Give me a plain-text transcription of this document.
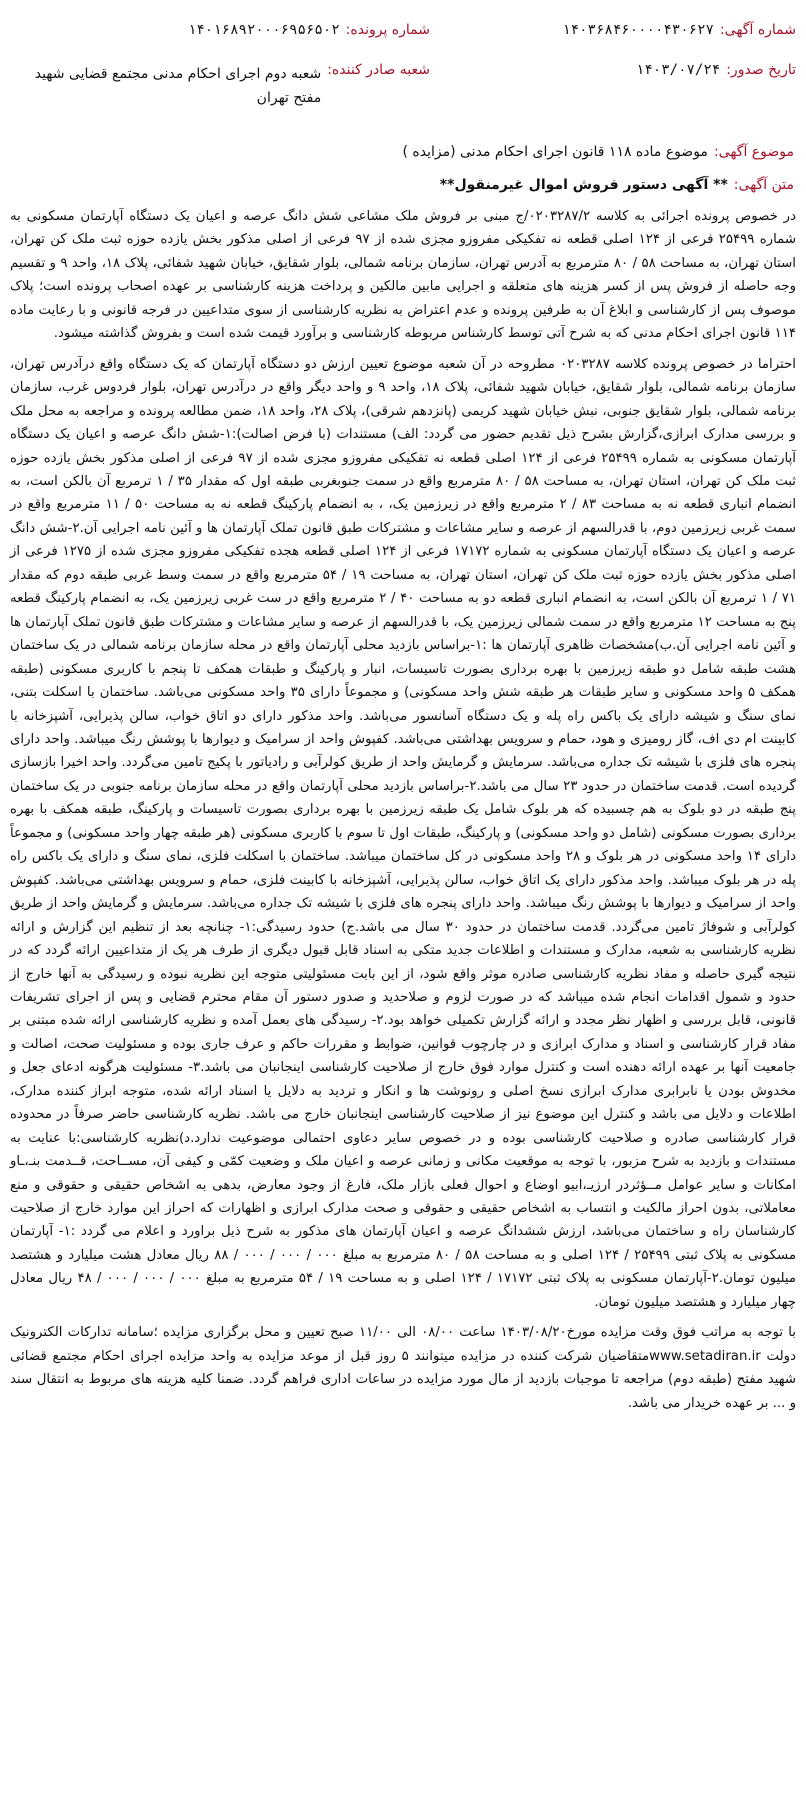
شماره آگهی:
۱۴۰۳۶۸۴۶۰۰۰۰۴۳۰۶۲۷
شماره پرونده:
۱۴۰۱۶۸۹۲۰۰۰۶۹۵۶۵۰۲
تاریخ صدور:
۱۴۰۳/۰۷/۲۴
شعبه صادر کننده:
شعبه دوم اجرای احکام مدنی مجتمع قضایی شهید مفتح تهران
موضوع آگهی:
موضوع ماده ۱۱۸ قانون اجرای احکام مدنی (مزایده )
متن آگهی:
** آگهی دستور فروش اموال غیرمنقول**

در خصوص پرونده اجرائی به کلاسه ۰۲۰۳۲۸۷/۲/ج مبنی بر فروش ملک مشاعی شش دانگ عرصه و اعیان یک دستگاه آپارتمان مسکونی به شماره ۲۵۴۹۹ فرعی از ۱۲۴ اصلی قطعه نه تفکیکی مفروزو مجزی شده از ۹۷ فرعی از اصلی مذکور بخش یازده حوزه ثبت ملک کن تهران، استان تهران، به مساحت ۵۸ / ۸۰ مترمربع به آدرس تهران، سازمان برنامه شمالی، بلوار شقایق، خیابان شهید شفائی، پلاک ۱۸، واحد ۹ و تقسیم وجه حاصله از فروش پس از کسر هزینه های متعلقه و اجرایی مابین مالکین و پرداخت هزینه کارشناسی بر عهده اصحاب پرونده است؛ پلاک موصوف پس از کارشناسی و ابلاغ آن به طرفین پرونده و عدم اعتراض به نظریه کارشناسی از سوی متداعیین در فرجه قانونی و با رعایت ماده ۱۱۴ قانون اجرای احکام مدنی که به شرح آتی توسط کارشناس مربوطه کارشناسی و برآورد قیمت شده است و بفروش گذاشته میشود.

احتراما در خصوص پرونده کلاسه ۰۲۰۳۲۸۷ مطروحه در آن شعبه موضوع تعیین ارزش دو دستگاه آپارتمان که یک دستگاه واقع درآدرس تهران، سازمان برنامه شمالی، بلوار شقایق، خیابان شهید شفائی، پلاک ۱۸، واحد ۹ و واحد دیگر واقع در درآدرس تهران، بلوار فردوس غرب، سازمان برنامه شمالی، بلوار شقایق جنوبی، نبش خیابان شهید کریمی (پانزدهم شرقی)، پلاک ۲۸، واحد ۱۸، ضمن مطالعه پرونده و مراجعه به محل ملک و بررسی مدارک ابرازی،گزارش بشرح ذیل تقدیم حضور می گردد: الف) مستندات (با فرض اصالت):۱-شش دانگ عرصه و اعیان یک دستگاه آپارتمان مسکونی به شماره ۲۵۴۹۹ فرعی از ۱۲۴ اصلی قطعه نه تفکیکی مفروزو مجزی شده از ۹۷ فرعی از اصلی مذکور بخش یازده حوزه ثبت ملک کن تهران، استان تهران، به مساحت ۵۸ / ۸۰ مترمربع واقع در سمت جنوبغربی طبقه اول که مقدار ۳۵ / ۱ ترمربع آن بالکن است، به انضمام انباری قطعه نه به مساحت ۸۳ / ۲ مترمربع واقع در زیرزمین یک، ، به انضمام پارکینگ قطعه نه به مساحت ۵۰ / ۱۱ مترمربع واقع در سمت غربی زیرزمین دوم، با قدرالسهم از عرصه و سایر مشاعات و مشترکات طبق قانون تملک آپارتمان ها و آئین نامه اجرایی آن.۲-شش دانگ عرصه و اعیان یک دستگاه آپارتمان مسکونی به شماره ۱۷۱۷۲ فرعی از ۱۲۴ اصلی قطعه هجده تفکیکی مفروزو مجزی شده از ۱۲۷۵ فرعی از اصلی مذکور بخش یازده حوزه ثبت ملک کن تهران، استان تهران، به مساحت ۱۹ / ۵۴ مترمربع واقع در سمت وسط غربی طبقه دوم که مقدار ۷۱ / ۱ ترمربع آن بالکن است، به انضمام انباری قطعه دو به مساحت ۴۰ / ۲ مترمربع واقع در ست غربی زیرزمین یک، به انضمام پارکینگ قطعه پنج به مساحت ۱۲ مترمربع واقع در سمت شمالی زیرزمین یک، با قدرالسهم از عرصه و سایر مشاعات و مشترکات طبق قانون تملک آپارتمان ها و آئین نامه اجرایی آن.ب)مشخصات ظاهری آپارتمان ها :۱-براساس بازدید محلی آپارتمان واقع در محله سازمان برنامه شمالی در یک ساختمان هشت طبقه شامل دو طبقه زیرزمین با بهره برداری بصورت تاسیسات، انبار و پارکینگ و طبقات همکف تا پنجم با کاربری مسکونی (طبقه همکف ۵ واحد مسکونی و سایر طبقات هر طبقه شش واحد مسکونی) و مجموعاً دارای ۳۵ واحد مسکونی می‌باشد. ساختمان با اسکلت بتنی، نمای سنگ و شیشه دارای یک باکس راه پله و یک دستگاه آسانسور می‌باشد. واحد مذکور دارای دو اتاق خواب، سالن پذیرایی، آشپزخانه با کابینت ام دی اف، گاز رومیزی و هود، حمام و سرویس بهداشتی می‌باشد. کفپوش واحد از سرامیک و دیوارها با پوشش رنگ میباشد. واحد دارای پنجره های فلزی با شیشه تک جداره می‌باشد. سرمایش و گرمایش واحد از طریق کولرآبی و رادیاتور با پکیج تامین می‌گردد. واحد اخیرا بازسازی گردیده است. قدمت ساختمان در حدود ۲۳ سال می باشد.۲-براساس بازدید محلی آپارتمان واقع در محله سازمان برنامه جنوبی در یک ساختمان پنج طبقه در دو بلوک به هم چسبیده که هر بلوک شامل یک طبقه زیرزمین با بهره برداری بصورت تاسیسات و پارکینگ، طبقه همکف با بهره برداری بصورت مسکونی (شامل دو واحد مسکونی) و پارکینگ، طبقات اول تا سوم با کاربری مسکونی (هر طبقه چهار واحد مسکونی) و مجموعاً دارای ۱۴ واحد مسکونی در هر بلوک و ۲۸ واحد مسکونی در کل ساختمان میباشد. ساختمان با اسکلت فلزی، نمای سنگ و دارای یک باکس راه پله در هر بلوک میباشد. واحد مذکور دارای یک اتاق خواب، سالن پذیرایی، آشپزخانه با کابینت فلزی، حمام و سرویس بهداشتی می‌باشد. کفپوش واحد از سرامیک و دیوارها با پوشش رنگ میباشد. واحد دارای پنجره های فلزی با شیشه تک جداره می‌باشد. سرمایش و گرمایش واحد از طریق کولرآبی و شوفاژ تامین می‌گردد. قدمت ساختمان در حدود ۳۰ سال می باشد.ج) حدود رسیدگی:۱- چنانچه بعد از تنظیم این گزارش و ارائه نظریه کارشناسی به شعبه، مدارک و مستندات و اطلاعات جدید متکی به اسناد قابل قبول دیگری از طرف هر یک از متداعیین ارائه گردد که در نتیجه گیری حاصله و مفاد نظریه کارشناسی صادره موثر واقع شود، از این بابت مسئولیتی متوجه این نظریه نبوده و رسیدگی به آنها خارج از حدود و شمول اقدامات انجام شده میباشد که در صورت لزوم و صلاحدید و صدور دستور آن مقام محترم قضایی و پس از اجرای تشریفات قانونی، قابل بررسی و اظهار نظر مجدد و ارائه گزارش تکمیلی خواهد بود.۲- رسیدگی های بعمل آمده و نظریه کارشناسی ارائه شده مبتنی بر مفاد قرار کارشناسی و اسناد و مدارک ابرازی و در چارچوب قوانین، ضوابط و مقررات حاکم و عرف جاری بوده و مسئولیت صحت، اصالت و جامعیت آنها بر عهده ارائه دهنده است و کنترل موارد فوق خارج از صلاحیت کارشناسی اینجانبان می باشد.۳- مسئولیت هرگونه ادعای جعل و مخدوش بودن یا نابرابری مدارک ابرازی نسخ اصلی و رونوشت ها و انکار و تردید به دلایل یا اسناد ارائه شده، متوجه ابراز کننده مدارک، اطلاعات و دلایل می باشد و کنترل این موضوع نیز از صلاحیت کارشناسی اینجانبان خارج می باشد. نظریه کارشناسی حاضر صرفاً در محدوده قرار کارشناسی صادره و صلاحیت کارشناسی بوده و در خصوص سایر دعاوی احتمالی موضوعیت ندارد.د)نظریه کارشناسی:با عنایت به مستندات و بازدید به شرح مزبور، با توجه به موقعیت مکانی و زمانی عرصه و اعیان ملک و وضعیت کمّی و کیفی آن، مســاحت، قــدمت بنـ،ـاو امکانات و سایر عوامل مــؤثردر ارزیـ،ابیو اوضاع و احوال فعلی بازار ملک، فارغ از وجود معارض، بدهی به اشخاص حقیقی و حقوقی و منع معاملاتی، بدون احراز مالکیت و انتساب به اشخاص حقیقی و حقوقی و صحت مدارک ابرازی و اظهارات که احراز این موارد خارج از صلاحیت کارشناسان راه و ساختمان می‌باشد، ارزش ششدانگ عرصه و اعیان آپارتمان های مذکور به شرح ذیل براورد و اعلام می گردد :۱- آپارتمان مسکونی به پلاک ثبتی ۲۵۴۹۹ / ۱۲۴ اصلی و به مساحت ۵۸ / ۸۰ مترمربع به مبلغ ۰۰۰ / ۰۰۰ / ۰۰۰ / ۸۸ ریال معادل هشت میلیارد و هشتصد میلیون تومان.۲-آپارتمان مسکونی به پلاک ثبتی ۱۷۱۷۲ / ۱۲۴ اصلی و به مساحت ۱۹ / ۵۴ مترمربع به مبلغ ۰۰۰ / ۰۰۰ / ۰۰۰ / ۴۸ ریال معادل چهار میلیارد و هشتصد میلیون تومان.

با توجه به مراتب فوق وقت مزایده مورخ۱۴۰۳/۰۸/۲۰ ساعت ۰۸/۰۰ الی ۱۱/۰۰ صبح تعیین و محل برگزاری مزایده ؛سامانه تدارکات الکترونیک دولت www.setadiran.irمتقاضیان شرکت کننده در مزایده میتوانند ۵ روز قبل از موعد مزایده به واحد مزایده اجرای احکام مجتمع قضائی شهید مفتح (طبقه دوم) مراجعه تا موجبات بازدید از مال مورد مزایده در ساعات اداری فراهم گردد. ضمنا کلیه هزینه های مربوط به انتقال سند و ... بر عهده خریدار می باشد.
